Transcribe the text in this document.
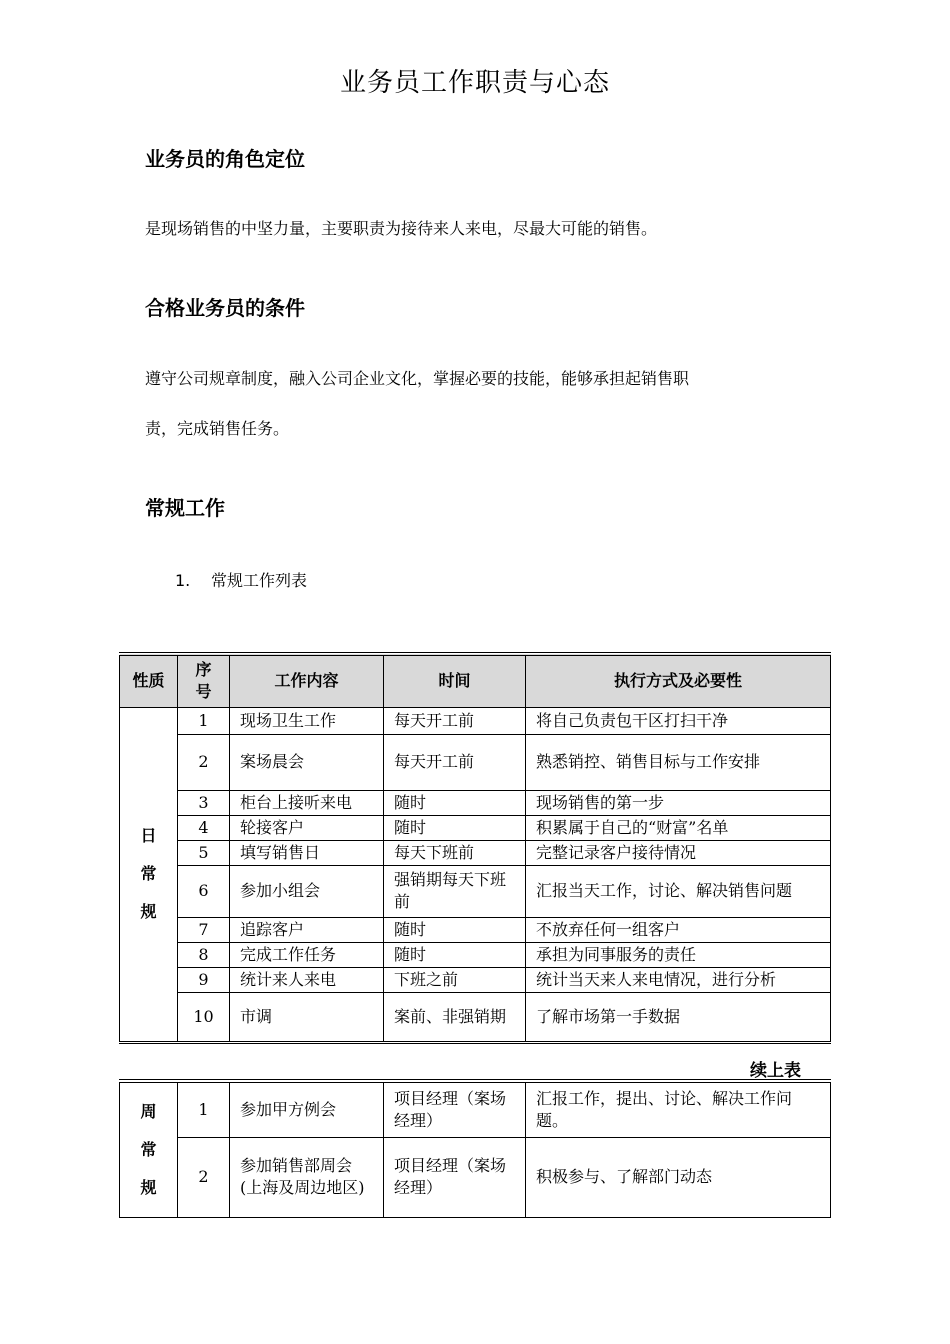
业务员工作职责与心态
业务员的角色定位
是现场销售的中坚力量，主要职责为接待来人来电，尽最大可能的销售。
合格业务员的条件
遵守公司规章制度，融入公司企业文化，掌握必要的技能，能够承担起销售职
责，完成销售任务。
常规工作
1. 常规工作列表
性质	序号	工作内容	时间	执行方式及必要性

日
常
规	1	现场卫生工作	每天开工前	将自己负责包干区打扫干净
	2	案场晨会	每天开工前	熟悉销控、销售目标与工作安排
	3	柜台上接听来电	随时	现场销售的第一步
	4	轮接客户	随时	积累属于自己的“财富”名单
	5	填写销售日	每天下班前	完整记录客户接待情况
	6	参加小组会	强销期每天下班前	汇报当天工作，讨论、解决销售问题
	7	追踪客户	随时	不放弃任何一组客户
	8	完成工作任务	随时	承担为同事服务的责任
	9	统计来人来电	下班之前	统计当天来人来电情况，进行分析
	10	市调	案前、非强销期	了解市场第一手数据
续上表
周
常
规	1	参加甲方例会	项目经理（案场经理）	汇报工作，提出、讨论、解决工作问题。
	2	参加销售部周会(上海及周边地区)	项目经理（案场经理）	积极参与、了解部门动态
